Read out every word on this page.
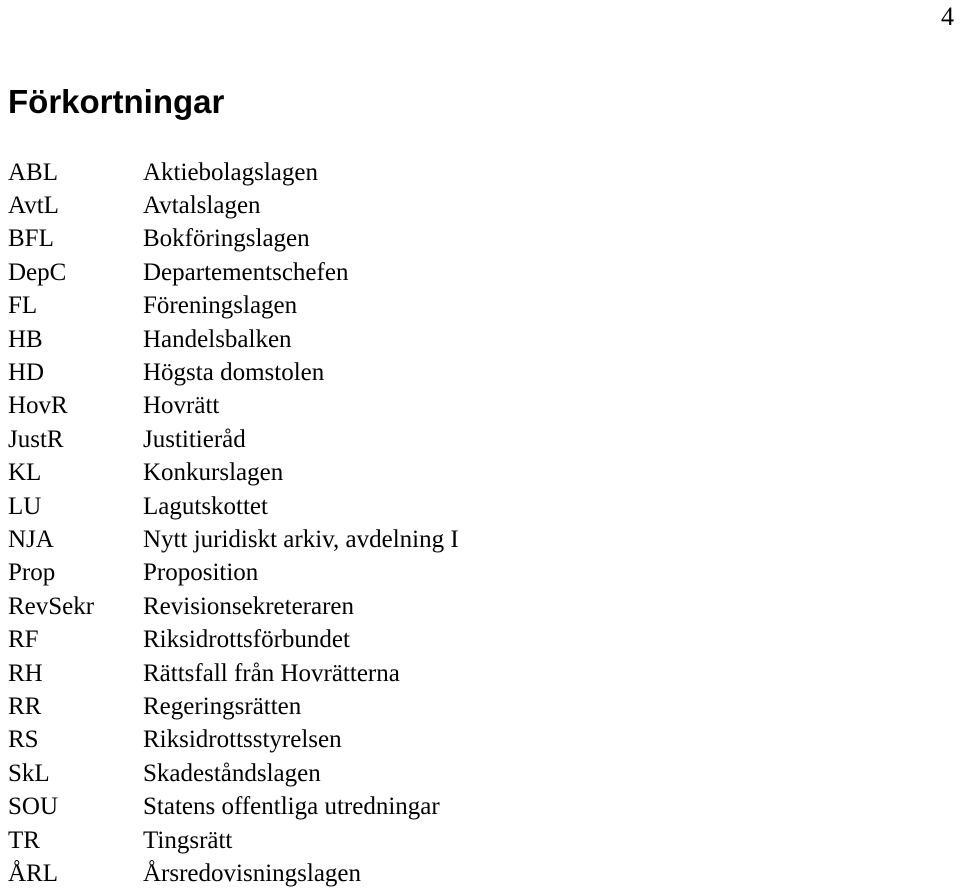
4
Förkortningar
ABL	Aktiebolagslagen
AvtL	Avtalslagen
BFL	Bokföringslagen
DepC	Departementschefen
FL	Föreningslagen
HB	Handelsbalken
HD	Högsta domstolen
HovR	Hovrätt
JustR	Justitieråd
KL	Konkurslagen
LU	Lagutskottet
NJA	Nytt juridiskt arkiv, avdelning I
Prop	Proposition
RevSekr	Revisionsekreteraren
RF	Riksidrottsförbundet
RH	Rättsfall från Hovrätterna
RR	Regeringsrätten
RS	Riksidrottsstyrelsen
SkL	Skadeståndslagen
SOU	Statens offentliga utredningar
TR	Tingsrätt
ÅRL	Årsredovisningslagen
